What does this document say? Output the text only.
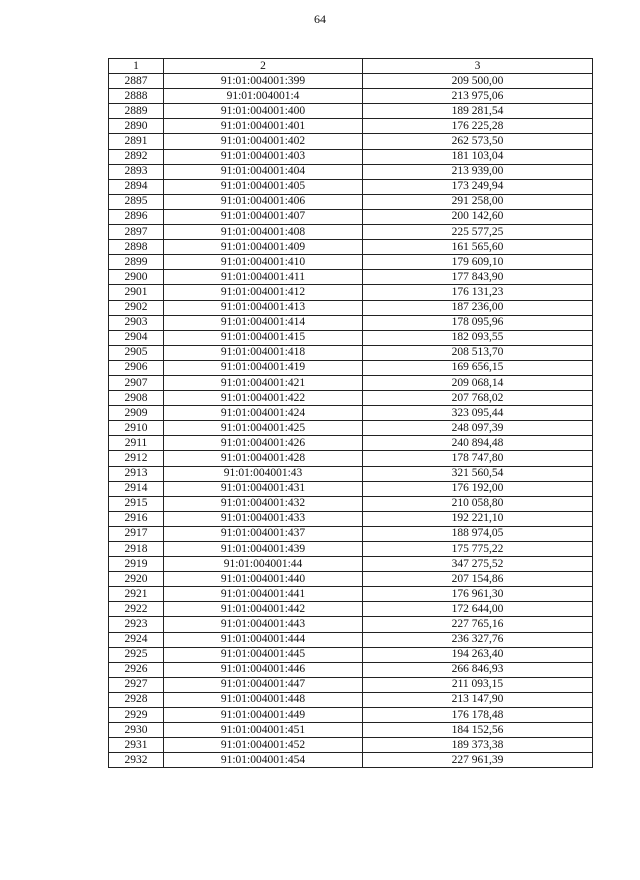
64
1	2	3
2887	91:01:004001:399	209 500,00
2888	91:01:004001:4	213 975,06
2889	91:01:004001:400	189 281,54
2890	91:01:004001:401	176 225,28
2891	91:01:004001:402	262 573,50
2892	91:01:004001:403	181 103,04
2893	91:01:004001:404	213 939,00
2894	91:01:004001:405	173 249,94
2895	91:01:004001:406	291 258,00
2896	91:01:004001:407	200 142,60
2897	91:01:004001:408	225 577,25
2898	91:01:004001:409	161 565,60
2899	91:01:004001:410	179 609,10
2900	91:01:004001:411	177 843,90
2901	91:01:004001:412	176 131,23
2902	91:01:004001:413	187 236,00
2903	91:01:004001:414	178 095,96
2904	91:01:004001:415	182 093,55
2905	91:01:004001:418	208 513,70
2906	91:01:004001:419	169 656,15
2907	91:01:004001:421	209 068,14
2908	91:01:004001:422	207 768,02
2909	91:01:004001:424	323 095,44
2910	91:01:004001:425	248 097,39
2911	91:01:004001:426	240 894,48
2912	91:01:004001:428	178 747,80
2913	91:01:004001:43	321 560,54
2914	91:01:004001:431	176 192,00
2915	91:01:004001:432	210 058,80
2916	91:01:004001:433	192 221,10
2917	91:01:004001:437	188 974,05
2918	91:01:004001:439	175 775,22
2919	91:01:004001:44	347 275,52
2920	91:01:004001:440	207 154,86
2921	91:01:004001:441	176 961,30
2922	91:01:004001:442	172 644,00
2923	91:01:004001:443	227 765,16
2924	91:01:004001:444	236 327,76
2925	91:01:004001:445	194 263,40
2926	91:01:004001:446	266 846,93
2927	91:01:004001:447	211 093,15
2928	91:01:004001:448	213 147,90
2929	91:01:004001:449	176 178,48
2930	91:01:004001:451	184 152,56
2931	91:01:004001:452	189 373,38
2932	91:01:004001:454	227 961,39
